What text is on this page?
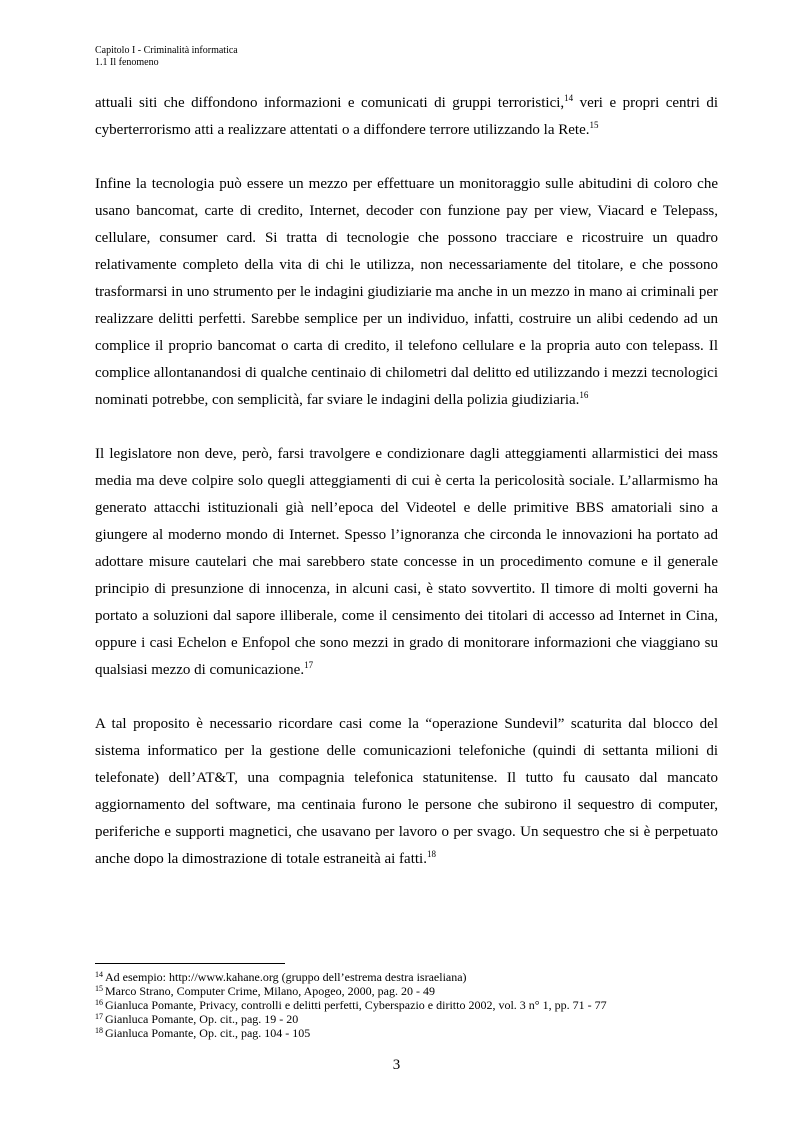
Capitolo I - Criminalità informatica
1.1 Il fenomeno

attuali siti che diffondono informazioni e comunicati di gruppi terroristici,$^{14}$ veri e propri centri di cyberterrorismo atti a realizzare attentati o a diffondere terrore utilizzando la Rete.$^{15}$

Infine la tecnologia può essere un mezzo per effettuare un monitoraggio sulle abitudini di coloro che usano bancomat, carte di credito, Internet, decoder con funzione pay per view, Viacard e Telepass, cellulare, consumer card. Si tratta di tecnologie che possono tracciare e ricostruire un quadro relativamente completo della vita di chi le utilizza, non necessariamente del titolare, e che possono trasformarsi in uno strumento per le indagini giudiziarie ma anche in un mezzo in mano ai criminali per realizzare delitti perfetti. Sarebbe semplice per un individuo, infatti, costruire un alibi cedendo ad un complice il proprio bancomat o carta di credito, il telefono cellulare e la propria auto con telepass. Il complice allontanandosi di qualche centinaio di chilometri dal delitto ed utilizzando i mezzi tecnologici nominati potrebbe, con semplicità, far sviare le indagini della polizia giudiziaria.$^{16}$

Il legislatore non deve, però, farsi travolgere e condizionare dagli atteggiamenti allarmistici dei mass media ma deve colpire solo quegli atteggiamenti di cui è certa la pericolosità sociale. L’allarmismo ha generato attacchi istituzionali già nell’epoca del Videotel e delle primitive BBS amatoriali sino a giungere al moderno mondo di Internet. Spesso l’ignoranza che circonda le innovazioni ha portato ad adottare misure cautelari che mai sarebbero state concesse in un procedimento comune e il generale principio di presunzione di innocenza, in alcuni casi, è stato sovvertito. Il timore di molti governi ha portato a soluzioni dal sapore illiberale, come il censimento dei titolari di accesso ad Internet in Cina, oppure i casi Echelon e Enfopol che sono mezzi in grado di monitorare informazioni che viaggiano su qualsiasi mezzo di comunicazione.$^{17}$

A tal proposito è necessario ricordare casi come la “operazione Sundevil” scaturita dal blocco del sistema informatico per la gestione delle comunicazioni telefoniche (quindi di settanta milioni di telefonate) dell’AT&T, una compagnia telefonica statunitense. Il tutto fu causato dal mancato aggiornamento del software, ma centinaia furono le persone che subirono il sequestro di computer, periferiche e supporti magnetici, che usavano per lavoro o per svago. Un sequestro che si è perpetuato anche dopo la dimostrazione di totale estraneità ai fatti.$^{18}$

$^{14}$ Ad esempio: http://www.kahane.org (gruppo dell’estrema destra israeliana)
$^{15}$ Marco Strano, Computer Crime, Milano, Apogeo, 2000, pag. 20 - 49
$^{16}$ Gianluca Pomante, Privacy, controlli e delitti perfetti, Cyberspazio e diritto 2002, vol. 3 n° 1, pp. 71 - 77
$^{17}$ Gianluca Pomante, Op. cit., pag. 19 - 20
$^{18}$ Gianluca Pomante, Op. cit., pag. 104 - 105
3
